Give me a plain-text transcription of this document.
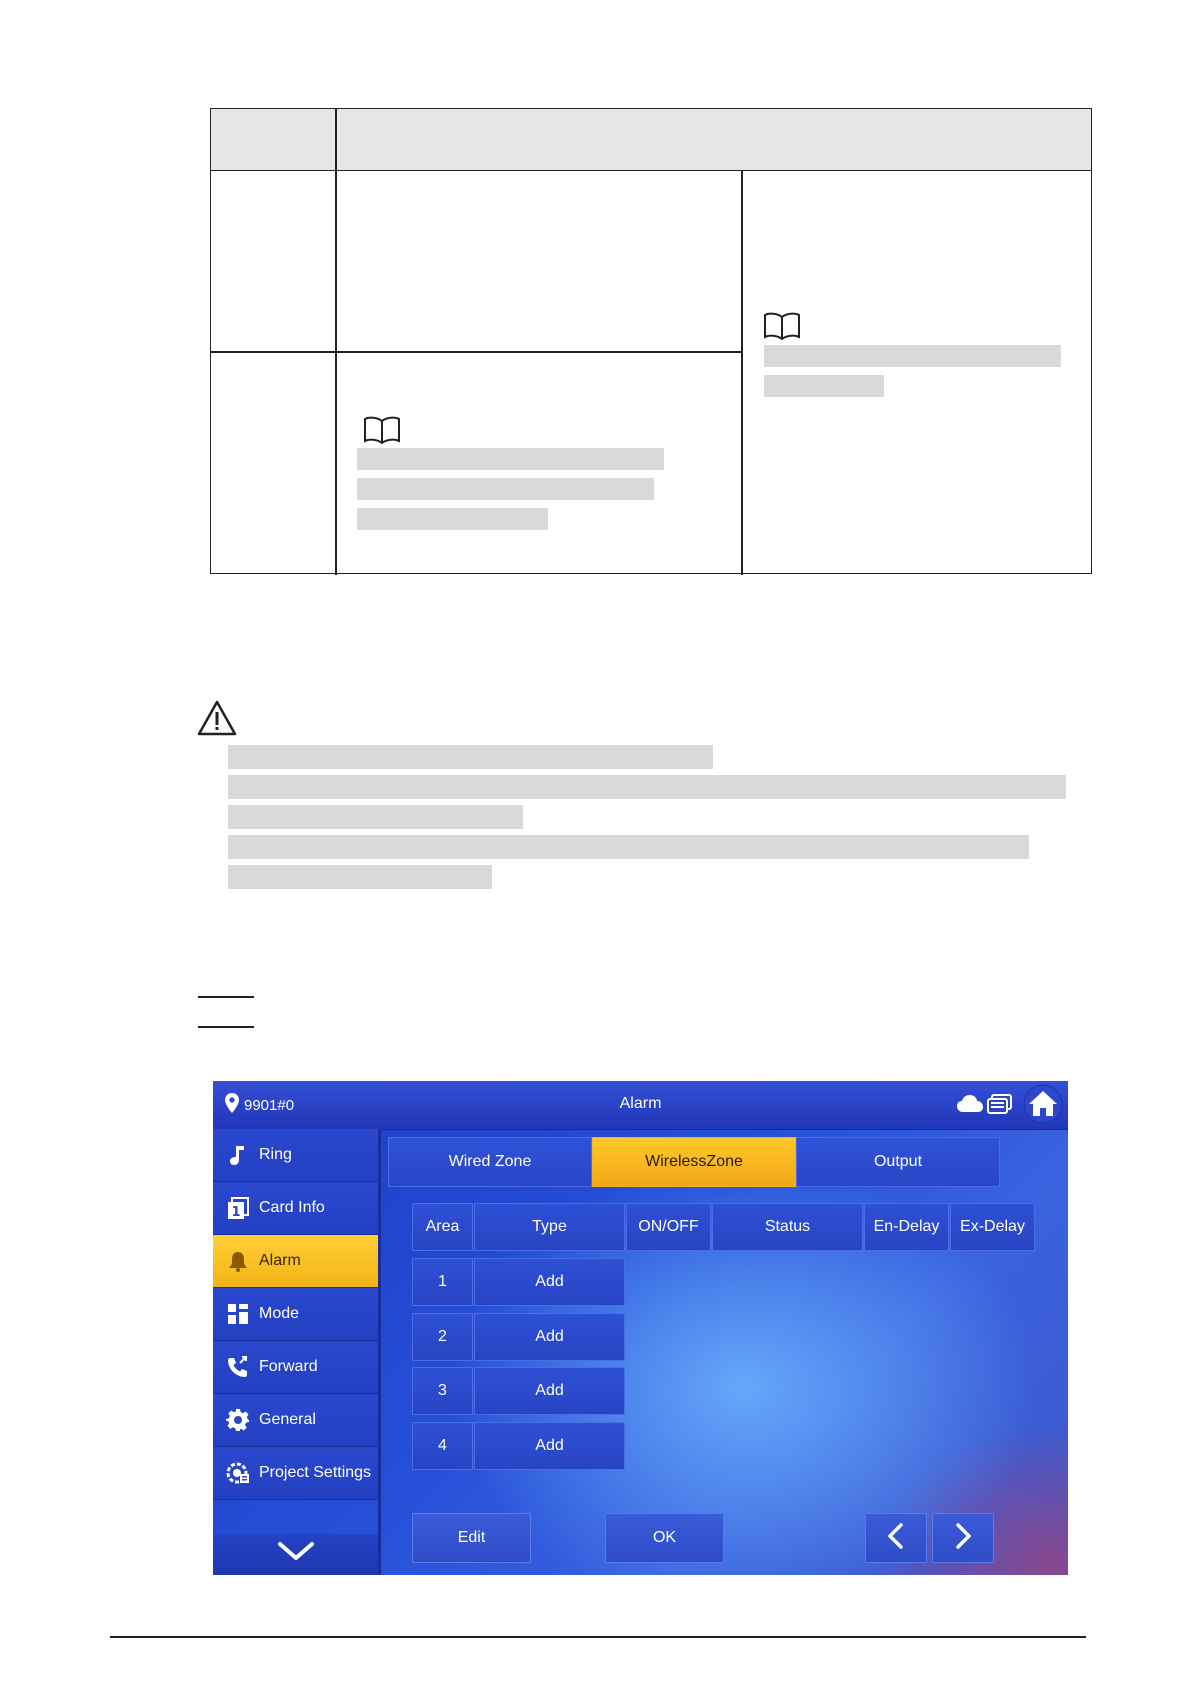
9901#0	Alarm
Ring
1 Card Info
Alarm
Mode
Forward
General
Project Settings
Wired Zone	WirelessZone	Output
Area	Type	ON/OFF	Status	En-Delay	Ex-Delay
1	Add
2	Add
3	Add
4	Add
Edit	OK
